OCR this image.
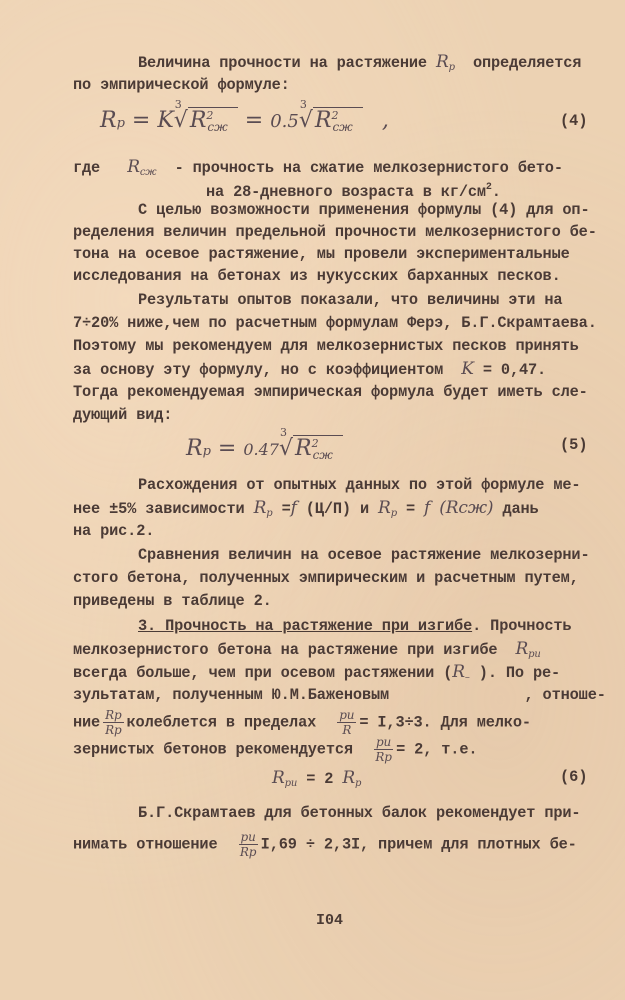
Величина прочности на растяжение $R_p$ определяется
по эмпирической формуле:
Rp = K
3
$√R^2сж = 0.5$
3
$√R^2сж$ ,	(4)
где $R_{сж}$ - прочность на сжатие мелкозернистого бето-
на 28-дневного возраста в $кг/см^2$.
С целью возможности применения формулы (4) для оп-
ределения величин предельной прочности мелкозернистого бе-
тона на осевое растяжение, мы провели экспериментальные
исследования на бетонах из нукусских барханных песков.
Результаты опытов показали, что величины эти на
7÷20% ниже,чем по расчетным формулам Ферэ, Б.Г.Скрамтаева.
Поэтому мы рекомендуем для мелкозернистых песков принять
за основу эту формулу, но с коэффициентом K = 0,47.
Тогда рекомендуемая эмпирическая формула будет иметь сле-
дующий вид:
Rp = 0.47
3
$√R^2сж$
(5)
Расхождения от опытных данных по этой формуле ме-
нее ±5% зависимости $R_p =f$ (Ц/П) и $R_p = f$ (Rсж) дань
на рис.2.
Сравнения величин на осевое растяжение мелкозерни-
стого бетона, полученных эмпирическим и расчетным путем,
приведены в таблице 2.
3. Прочность на растяжение при изгибе. Прочность
мелкозернистого бетона на растяжение при изгибе $R_{pu}$
всегда больше, чем при осевом растяжении ($R_-$ ). По ре-
зультатам, полученным Ю.М.Баженовым	, отноше-
ние $\frac{Rp}{Rp}$ колеблется в пределах $\frac{pu}{R} = I,3\div 3$. Для мелко-
зернистых бетонов рекомендуется $\frac{pu}{Rp} = 2$, т.е.
$R_{pu} = 2$ $R_p$	(6)
Б.Г.Скрамтаев для бетонных балок рекомендует при-
нимать отношение $\frac{pu}{Rp} I,69 \div 2,3I$, причем для плотных бе-
I04
